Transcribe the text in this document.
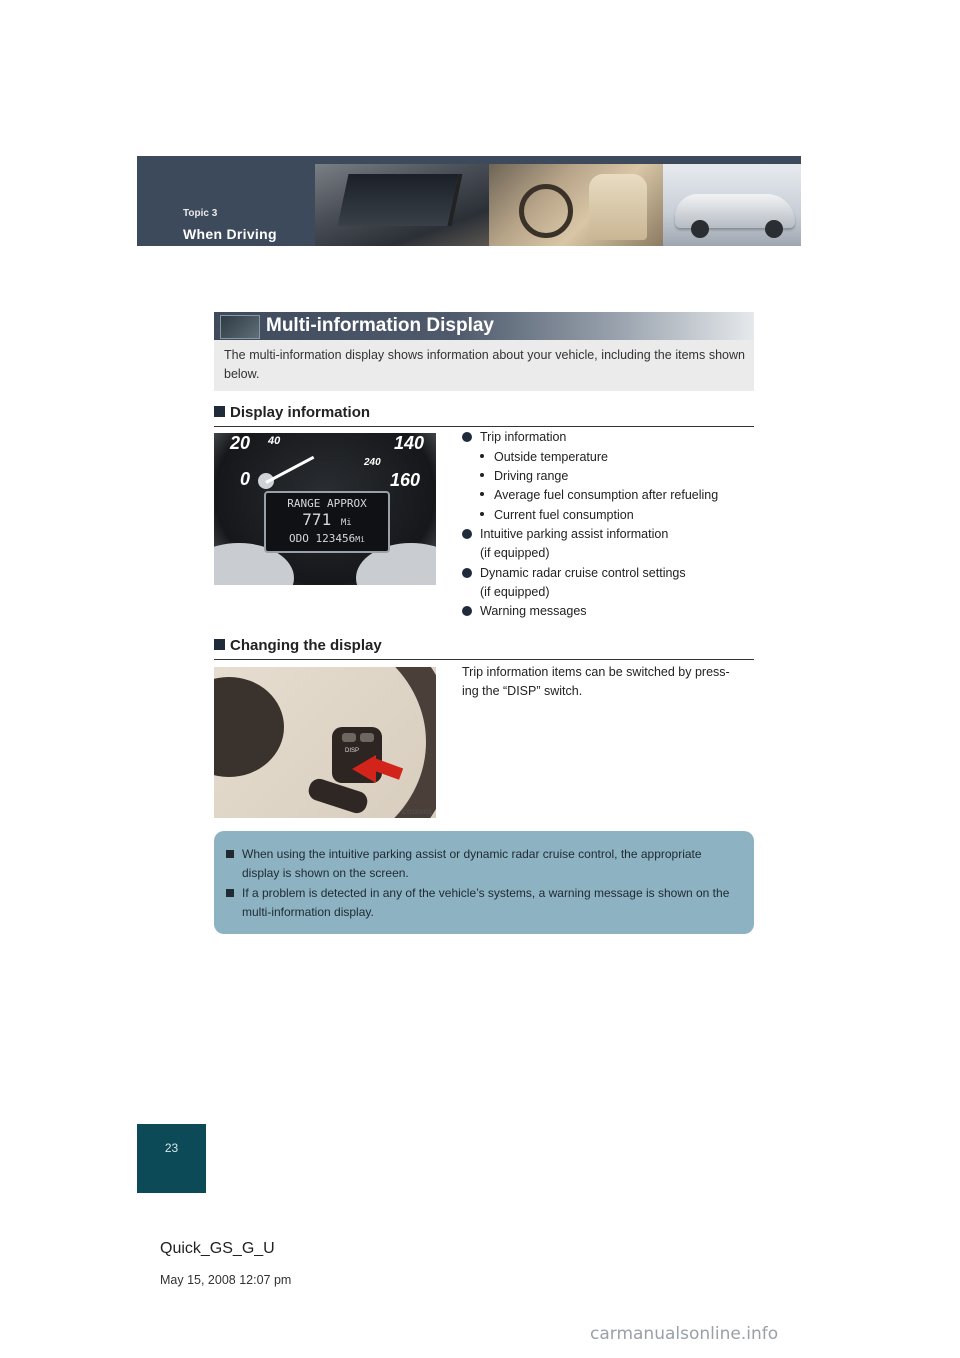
Topic 3
When Driving
Multi-information Display
The multi-information display shows information about your vehicle, including the items shown below.
Display information
20 40
0
140
240
160
RANGE APPROX
771 Mi
ODO 123456Mi
ILYO3S049
Trip information
Outside temperature
Driving range
Average fuel consumption after refueling
Current fuel consumption
Intuitive parking assist information
(if equipped)
Dynamic radar cruise control settings
(if equipped)
Warning messages
Changing the display
DISP
ILYO3S001
Trip information items can be switched by press-
ing the “DISP” switch.
When using the intuitive parking assist or dynamic radar cruise control, the appropriate
display is shown on the screen.
If a problem is detected in any of the vehicle’s systems, a warning message is shown on the
multi-information display.
23
Quick_GS_G_U
May 15, 2008 12:07 pm
carmanualsonline.info
